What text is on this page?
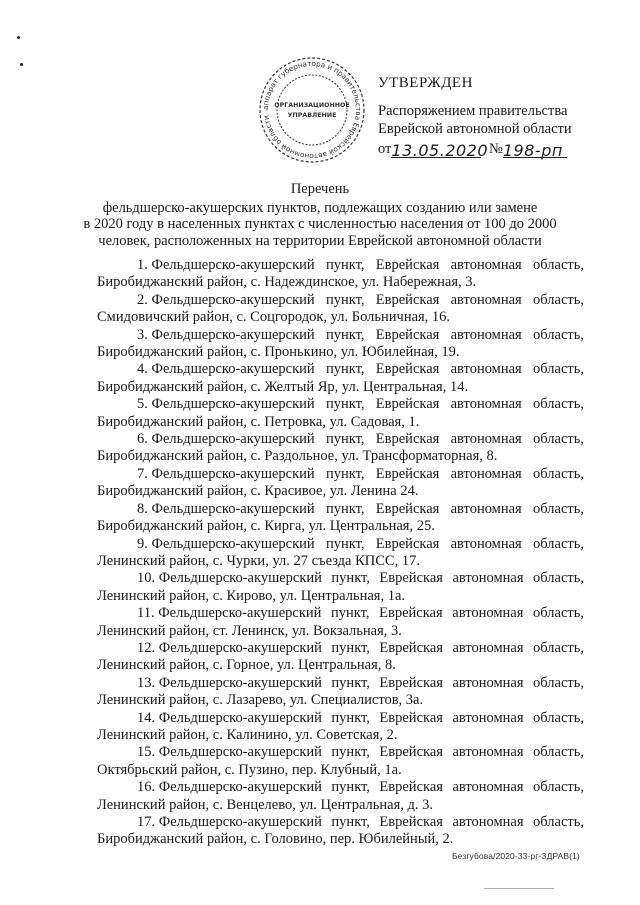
аппарат губернатора и правительства Еврейской автономной области
ОРГАНИЗАЦИОННОЕ
УПРАВЛЕНИЕ
УТВЕРЖДЕН
Распоряжением правительства
Еврейской автономной области
от13.05.2020 №198-рп
Перечень
фельдшерско-акушерских пунктов, подлежащих созданию или замене
в 2020 году в населенных пунктах с численностью населения от 100 до 2000
человек, расположенных на территории Еврейской автономной области
1. Фельдшерско-акушерский пункт, Еврейская автономная область,
Биробиджанский район, с. Надеждинское, ул. Набережная, 3.
2. Фельдшерско-акушерский пункт, Еврейская автономная область,
Смидовичский район, с. Соцгородок, ул. Больничная, 16.
3. Фельдшерско-акушерский пункт, Еврейская автономная область,
Биробиджанский район, с. Пронькино, ул. Юбилейная, 19.
4. Фельдшерско-акушерский пункт, Еврейская автономная область,
Биробиджанский район, с. Желтый Яр, ул. Центральная, 14.
5. Фельдшерско-акушерский пункт, Еврейская автономная область,
Биробиджанский район, с. Петровка, ул. Садовая, 1.
6. Фельдшерско-акушерский пункт, Еврейская автономная область,
Биробиджанский район, с. Раздольное, ул. Трансформаторная, 8.
7. Фельдшерско-акушерский пункт, Еврейская автономная область,
Биробиджанский район, с. Красивое, ул. Ленина 24.
8. Фельдшерско-акушерский пункт, Еврейская автономная область,
Биробиджанский район, с. Кирга, ул. Центральная, 25.
9. Фельдшерско-акушерский пункт, Еврейская автономная область,
Ленинский район, с. Чурки, ул. 27 съезда КПСС, 17.
10. Фельдшерско-акушерский пункт, Еврейская автономная область,
Ленинский район, с. Кирово, ул. Центральная, 1а.
11. Фельдшерско-акушерский пункт, Еврейская автономная область,
Ленинский район, ст. Ленинск, ул. Вокзальная, 3.
12. Фельдшерско-акушерский пункт, Еврейская автономная область,
Ленинский район, с. Горное, ул. Центральная, 8.
13. Фельдшерско-акушерский пункт, Еврейская автономная область,
Ленинский район, с. Лазарево, ул. Специалистов, 3а.
14. Фельдшерско-акушерский пункт, Еврейская автономная область,
Ленинский район, с. Калинино, ул. Советская, 2.
15. Фельдшерско-акушерский пункт, Еврейская автономная область,
Октябрьский район, с. Пузино, пер. Клубный, 1а.
16. Фельдшерско-акушерский пункт, Еврейская автономная область,
Ленинский район, с. Венцелево, ул. Центральная, д. 3.
17. Фельдшерско-акушерский пункт, Еврейская автономная область,
Биробиджанский район, с. Головино, пер. Юбилейный, 2.
Безгубова/2020-33-рг-ЗДРАВ(1)
